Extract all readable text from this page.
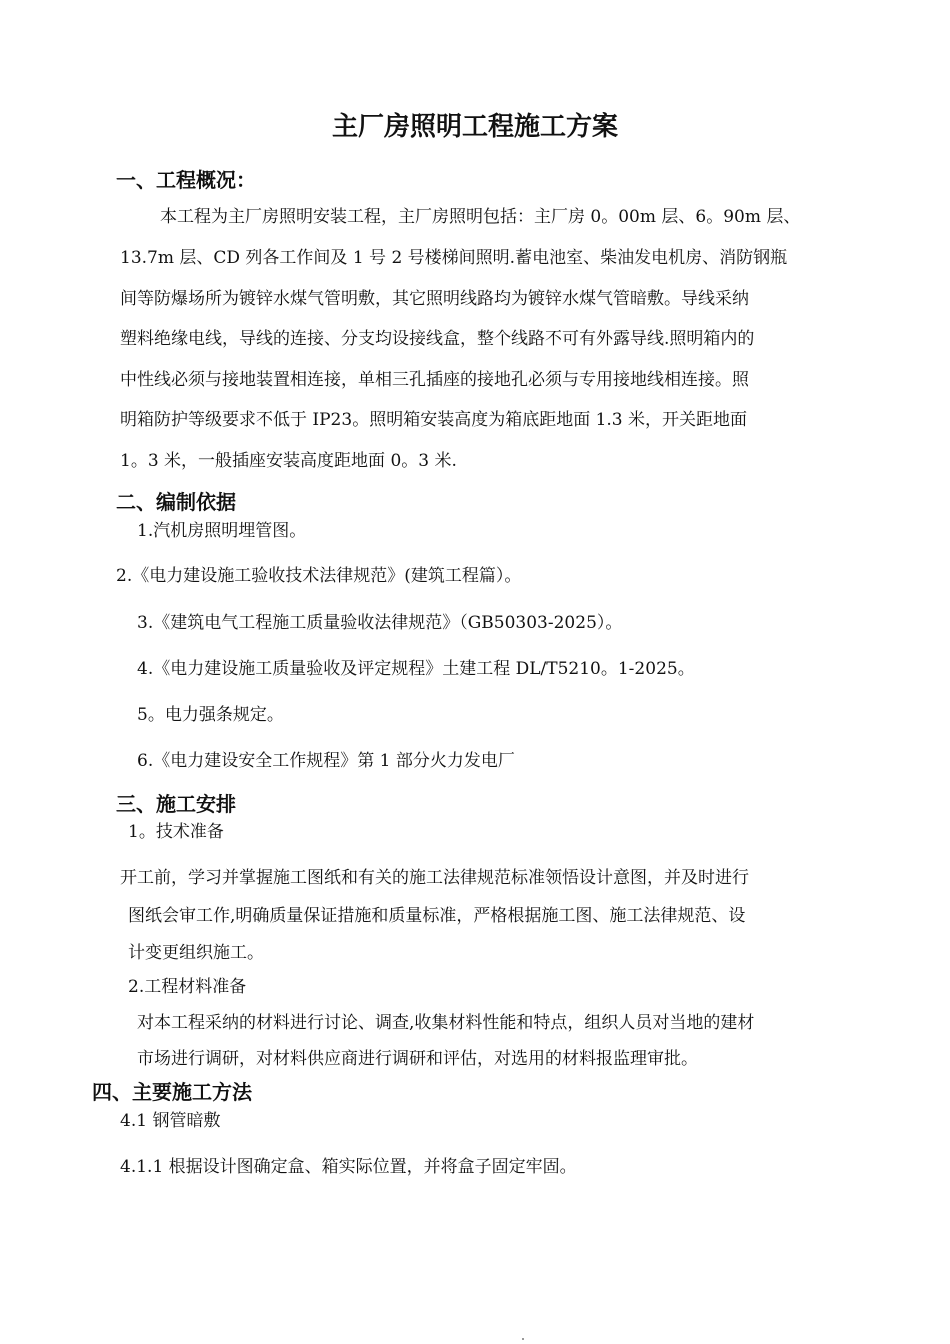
主厂房照明工程施工方案
一、工程概况：
本工程为主厂房照明安装工程，主厂房照明包括：主厂房 0。00m 层、6。90m 层、
13.7m 层、CD 列各工作间及 1 号 2 号楼梯间照明.蓄电池室、柴油发电机房、消防钢瓶
间等防爆场所为镀锌水煤气管明敷，其它照明线路均为镀锌水煤气管暗敷。导线采纳
塑料绝缘电线，导线的连接、分支均设接线盒，整个线路不可有外露导线.照明箱内的
中性线必须与接地装置相连接，单相三孔插座的接地孔必须与专用接地线相连接。照
明箱防护等级要求不低于 IP23。照明箱安装高度为箱底距地面 1.3 米，开关距地面
1。3 米，一般插座安装高度距地面 0。3 米.
二、编制依据
1.汽机房照明埋管图。
2.《电力建设施工验收技术法律规范》(建筑工程篇）。
3.《建筑电气工程施工质量验收法律规范》（GB50303-2025）。
4.《电力建设施工质量验收及评定规程》土建工程 DL/T5210。1-2025。
5。电力强条规定。
6.《电力建设安全工作规程》第 1 部分火力发电厂
三、施工安排
1。技术准备
开工前，学习并掌握施工图纸和有关的施工法律规范标准领悟设计意图，并及时进行
图纸会审工作,明确质量保证措施和质量标准，严格根据施工图、施工法律规范、设
计变更组织施工。
2.工程材料准备
对本工程采纳的材料进行讨论、调查,收集材料性能和特点，组织人员对当地的建材
市场进行调研，对材料供应商进行调研和评估，对选用的材料报监理审批。
四、主要施工方法
4.1 钢管暗敷
4.1.1 根据设计图确定盒、箱实际位置，并将盒子固定牢固。
